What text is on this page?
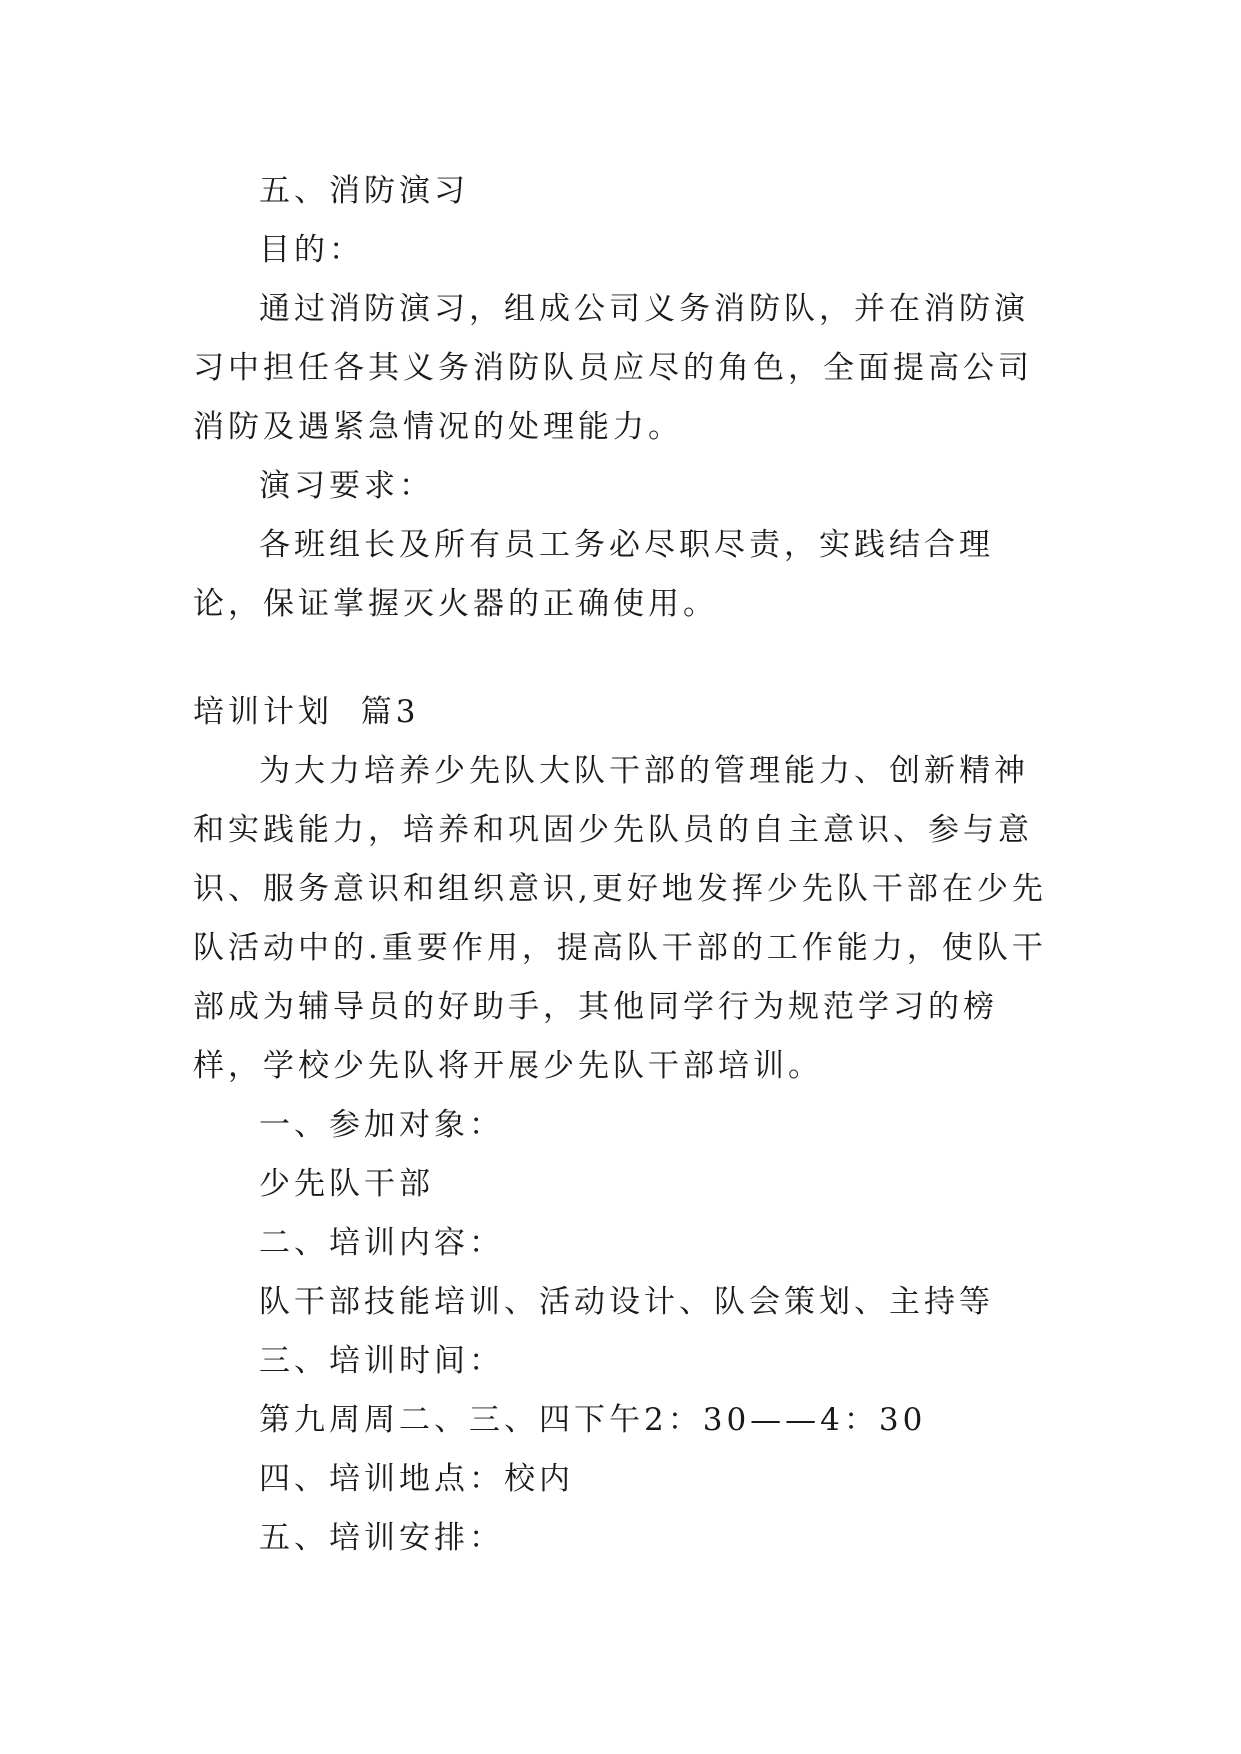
五、消防演习

目的：

通过消防演习，组成公司义务消防队，并在消防演习中担任各其义务消防队员应尽的角色，全面提高公司消防及遇紧急情况的处理能力。

演习要求：

各班组长及所有员工务必尽职尽责，实践结合理论，保证掌握灭火器的正确使用。

培训计划  篇3

为大力培养少先队大队干部的管理能力、创新精神和实践能力，培养和巩固少先队员的自主意识、参与意识、服务意识和组织意识,更好地发挥少先队干部在少先队活动中的.重要作用，提高队干部的工作能力，使队干部成为辅导员的好助手，其他同学行为规范学习的榜样，学校少先队将开展少先队干部培训。

一、参加对象：

少先队干部

二、培训内容：

队干部技能培训、活动设计、队会策划、主持等

三、培训时间：

第九周周二、三、四下午2：30——4：30

四、培训地点：校内

五、培训安排：
